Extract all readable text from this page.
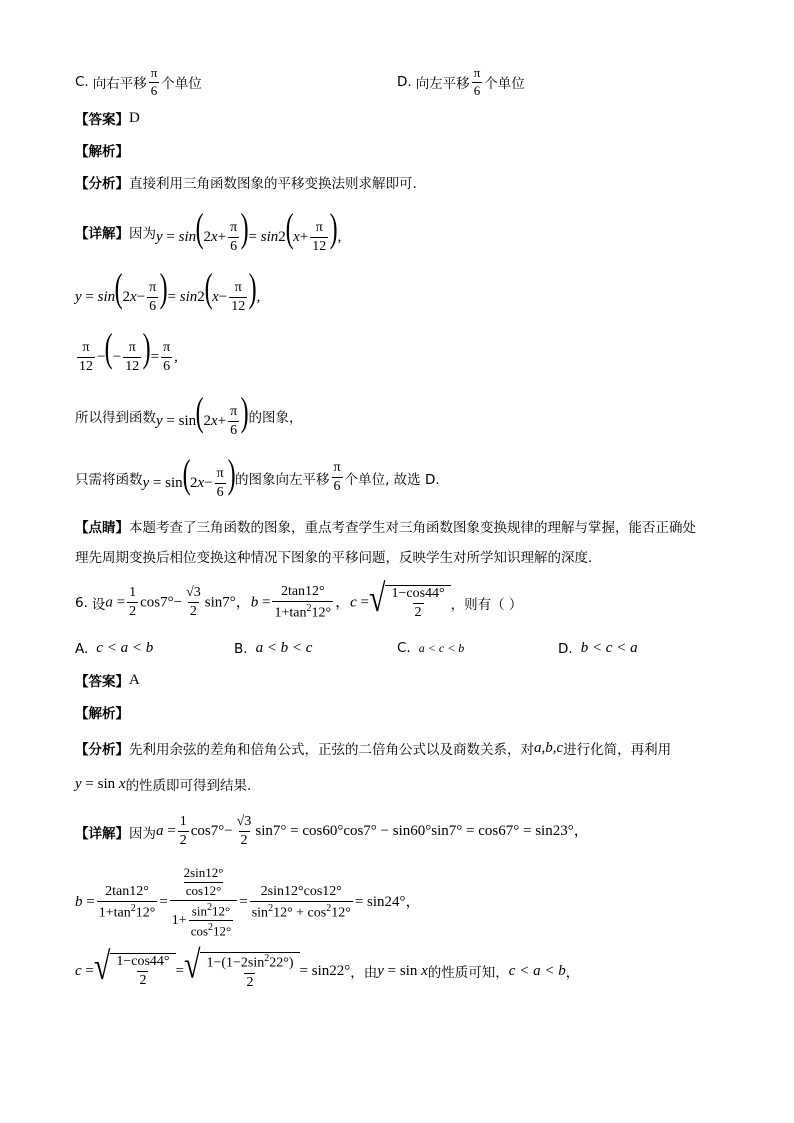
C. 向右平移 $\frac{\pi}{6}$ 个单位	D. 向左平移 $\frac{\pi}{6}$ 个单位
【答案】 D
【解析】
【分析】 直接利用三角函数图象的平移变换法则求解即可.
【详解】 因为 $y = \sin(2x+ \frac{\pi}{6}$ )= $\sin 2(x+ \frac{\pi}{12}$ ),
$y = \sin(2x- \frac{\pi}{6}$ )= $\sin 2(x- \frac{\pi}{12}$ ),
$\frac{\pi}{12}$ −(− $\frac{\pi}{12}$ )= $\frac{\pi}{6}$ ,
所以得到函数 $y = \sin(2x+ \frac{\pi}{6}$ ) 的图象，
只需将函数 $y = \sin(2x- \frac{\pi}{6}$ ) 的图象向左平移 $\frac{\pi}{6}$ 个单位, 故选 D.
【点睛】 本题考查了三角函数的图象，重点考查学生对三角函数图象变换规律的理解与掌握，能否正确处
理先周期变换后相位变换这种情况下图象的平移问题，反映学生对所学知识理解的深度.
6. 设 $a = \frac{1}{2} \cos 7^\circ- \frac{√3}{2} \sin 7^\circ$，$b = \frac{2\tan 12^\circ}{1+\tan^212^\circ}$ ，c = √ $\frac{1-\cos 44^\circ}{2}$ ，则有（ ）
A. c < a < b	B. a < b < c	C. a < c < b	D. b < c < a
【答案】 A
【解析】
【分析】 先利用余弦的差角和倍角公式，正弦的二倍角公式以及商数关系，对 a,b,c 进行化简，再利用
y = sin x 的性质即可得到结果.
【详解】 因为 $a = \frac{1}{2} \cos 7^\circ- \frac{√3}{2} \sin 7^\circ = \cos 60^\circ\cos 7^\circ - \sin 60^\circ\sin 7^\circ = \cos 67^\circ = \sin 23^\circ$，
$b = \frac{2\tan 12^\circ}{1+\tan^212^\circ} = \frac{\frac{2\sin 12^\circ}{\cos 12^\circ}}{1+ \frac{\sin^212^\circ}{\cos^212^\circ}} = \frac{2\sin 12^\circ\cos 12^\circ}{\sin^212^\circ + \cos^212^\circ} = \sin 24^\circ$，
c = √ $\frac{1-\cos 44^\circ}{2}$ = √ $\frac{1-(1-2\sin^222^\circ)}{2} = \sin 22^\circ$ ，由 y = sin x 的性质可知， c < a < b ，
